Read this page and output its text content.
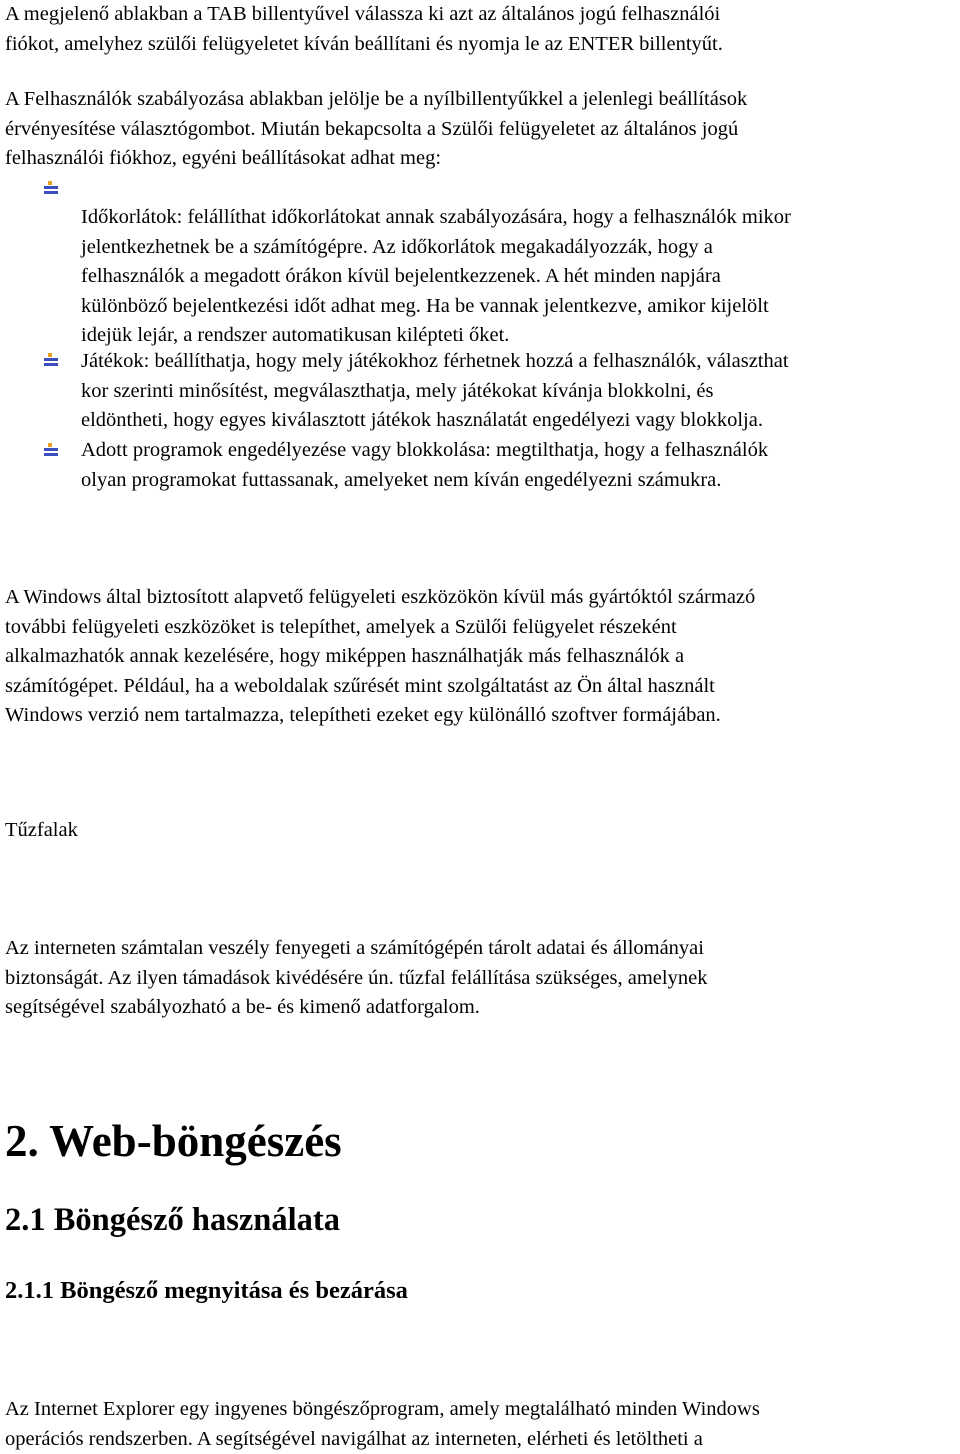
A megjelenő ablakban a TAB billentyűvel válassza ki azt az általános jogú felhasználói
fiókot, amelyhez szülői felügyeletet kíván beállítani és nyomja le az ENTER billentyűt.
A Felhasználók szabályozása ablakban jelölje be a nyílbillentyűkkel a jelenlegi beállítások
érvényesítése választógombot. Miután bekapcsolta a Szülői felügyeletet az általános jogú
felhasználói fiókhoz, egyéni beállításokat adhat meg:
Időkorlátok: felállíthat időkorlátokat annak szabályozására, hogy a felhasználók mikor
jelentkezhetnek be a számítógépre. Az időkorlátok megakadályozzák, hogy a
felhasználók a megadott órákon kívül bejelentkezzenek. A hét minden napjára
különböző bejelentkezési időt adhat meg. Ha be vannak jelentkezve, amikor kijelölt
idejük lejár, a rendszer automatikusan kilépteti őket.
Játékok: beállíthatja, hogy mely játékokhoz férhetnek hozzá a felhasználók, választhat
kor szerinti minősítést, megválaszthatja, mely játékokat kívánja blokkolni, és
eldöntheti, hogy egyes kiválasztott játékok használatát engedélyezi vagy blokkolja.
Adott programok engedélyezése vagy blokkolása: megtilthatja, hogy a felhasználók
olyan programokat futtassanak, amelyeket nem kíván engedélyezni számukra.
A Windows által biztosított alapvető felügyeleti eszközökön kívül más gyártóktól származó
további felügyeleti eszközöket is telepíthet, amelyek a Szülői felügyelet részeként
alkalmazhatók annak kezelésére, hogy miképpen használhatják más felhasználók a
számítógépet. Például, ha a weboldalak szűrését mint szolgáltatást az Ön által használt
Windows verzió nem tartalmazza, telepítheti ezeket egy különálló szoftver formájában.
Tűzfalak
Az interneten számtalan veszély fenyegeti a számítógépén tárolt adatai és állományai
biztonságát. Az ilyen támadások kivédésére ún. tűzfal felállítása szükséges, amelynek
segítségével szabályozható a be- és kimenő adatforgalom.
2. Web-böngészés
2.1 Böngésző használata
2.1.1 Böngésző megnyitása és bezárása
Az Internet Explorer egy ingyenes böngészőprogram, amely megtalálható minden Windows
operációs rendszerben. A segítségével navigálhat az interneten, elérheti és letöltheti a
